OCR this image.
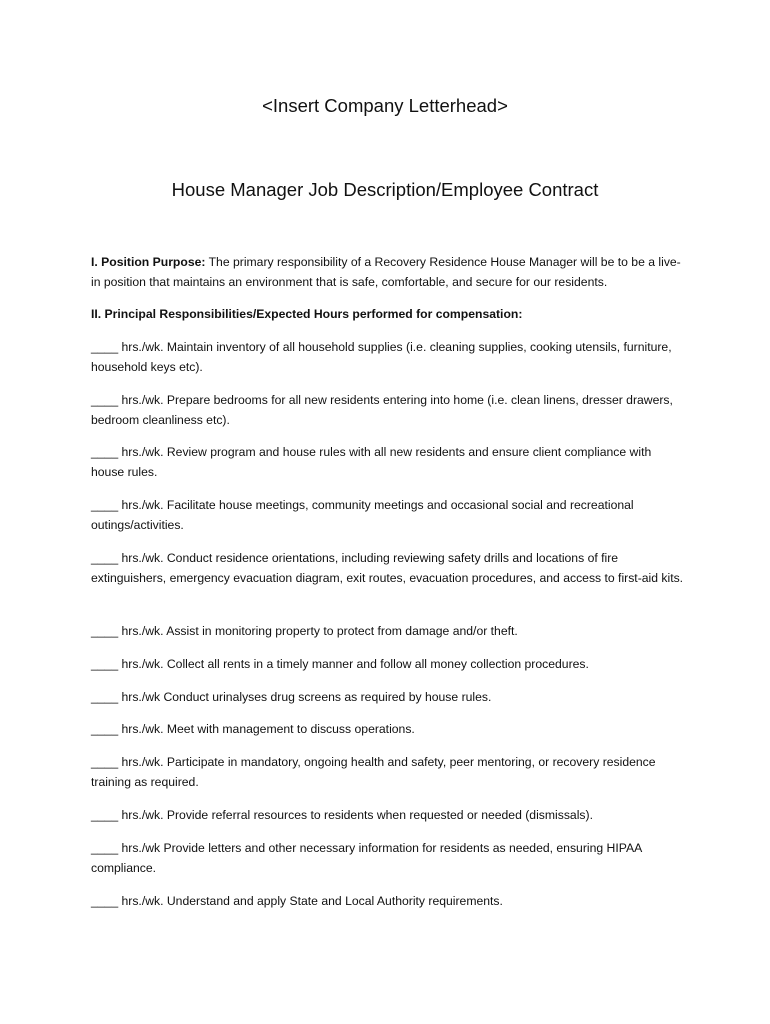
<Insert Company Letterhead>
House Manager Job Description/Employee Contract
I. Position Purpose: The primary responsibility of a Recovery Residence House Manager will be to be a live-in position that maintains an environment that is safe, comfortable, and secure for our residents.
II. Principal Responsibilities/Expected Hours performed for compensation:
____ hrs./wk. Maintain inventory of all household supplies (i.e. cleaning supplies, cooking utensils, furniture, household keys etc).
____ hrs./wk. Prepare bedrooms for all new residents entering into home (i.e. clean linens, dresser drawers, bedroom cleanliness etc).
____ hrs./wk. Review program and house rules with all new residents and ensure client compliance with house rules.
____ hrs./wk. Facilitate house meetings, community meetings and occasional social and recreational outings/activities.
____ hrs./wk. Conduct residence orientations, including reviewing safety drills and locations of fire extinguishers, emergency evacuation diagram, exit routes, evacuation procedures, and access to first-aid kits.
____ hrs./wk. Assist in monitoring property to protect from damage and/or theft.
____ hrs./wk. Collect all rents in a timely manner and follow all money collection procedures.
____ hrs./wk Conduct urinalyses drug screens as required by house rules.
____ hrs./wk. Meet with management to discuss operations.
____ hrs./wk. Participate in mandatory, ongoing health and safety, peer mentoring, or recovery residence training as required.
____ hrs./wk. Provide referral resources to residents when requested or needed (dismissals).
____ hrs./wk Provide letters and other necessary information for residents as needed, ensuring HIPAA compliance.
____ hrs./wk. Understand and apply State and Local Authority requirements.
